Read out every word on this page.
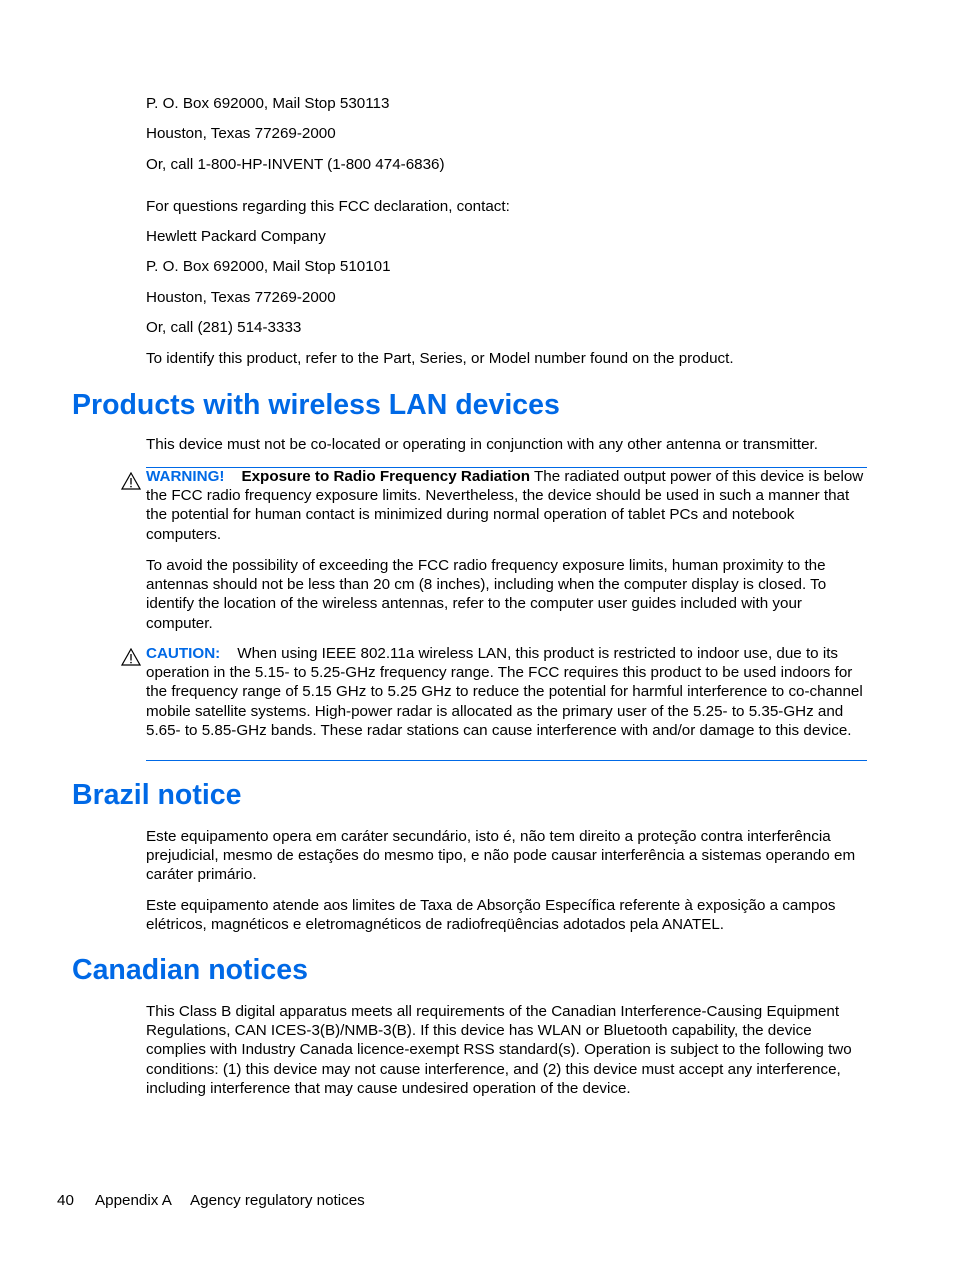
P. O. Box 692000, Mail Stop 530113
Houston, Texas 77269-2000
Or, call 1-800-HP-INVENT (1-800 474-6836)
For questions regarding this FCC declaration, contact:
Hewlett Packard Company
P. O. Box 692000, Mail Stop 510101
Houston, Texas 77269-2000
Or, call (281) 514-3333
To identify this product, refer to the Part, Series, or Model number found on the product.
Products with wireless LAN devices
This device must not be co-located or operating in conjunction with any other antenna or transmitter.
WARNING! Exposure to Radio Frequency Radiation The radiated output power of this device is below the FCC radio frequency exposure limits. Nevertheless, the device should be used in such a manner that the potential for human contact is minimized during normal operation of tablet PCs and notebook computers.
To avoid the possibility of exceeding the FCC radio frequency exposure limits, human proximity to the antennas should not be less than 20 cm (8 inches), including when the computer display is closed. To identify the location of the wireless antennas, refer to the computer user guides included with your computer.
CAUTION: When using IEEE 802.11a wireless LAN, this product is restricted to indoor use, due to its operation in the 5.15- to 5.25-GHz frequency range. The FCC requires this product to be used indoors for the frequency range of 5.15 GHz to 5.25 GHz to reduce the potential for harmful interference to co-channel mobile satellite systems. High-power radar is allocated as the primary user of the 5.25- to 5.35-GHz and 5.65- to 5.85-GHz bands. These radar stations can cause interference with and/or damage to this device.
Brazil notice
Este equipamento opera em caráter secundário, isto é, não tem direito a proteção contra interferência prejudicial, mesmo de estações do mesmo tipo, e não pode causar interferência a sistemas operando em caráter primário.
Este equipamento atende aos limites de Taxa de Absorção Específica referente à exposição a campos elétricos, magnéticos e eletromagnéticos de radiofreqüências adotados pela ANATEL.
Canadian notices
This Class B digital apparatus meets all requirements of the Canadian Interference-Causing Equipment Regulations, CAN ICES-3(B)/NMB-3(B). If this device has WLAN or Bluetooth capability, the device complies with Industry Canada licence-exempt RSS standard(s). Operation is subject to the following two conditions: (1) this device may not cause interference, and (2) this device must accept any interference, including interference that may cause undesired operation of the device.
40 Appendix A Agency regulatory notices
